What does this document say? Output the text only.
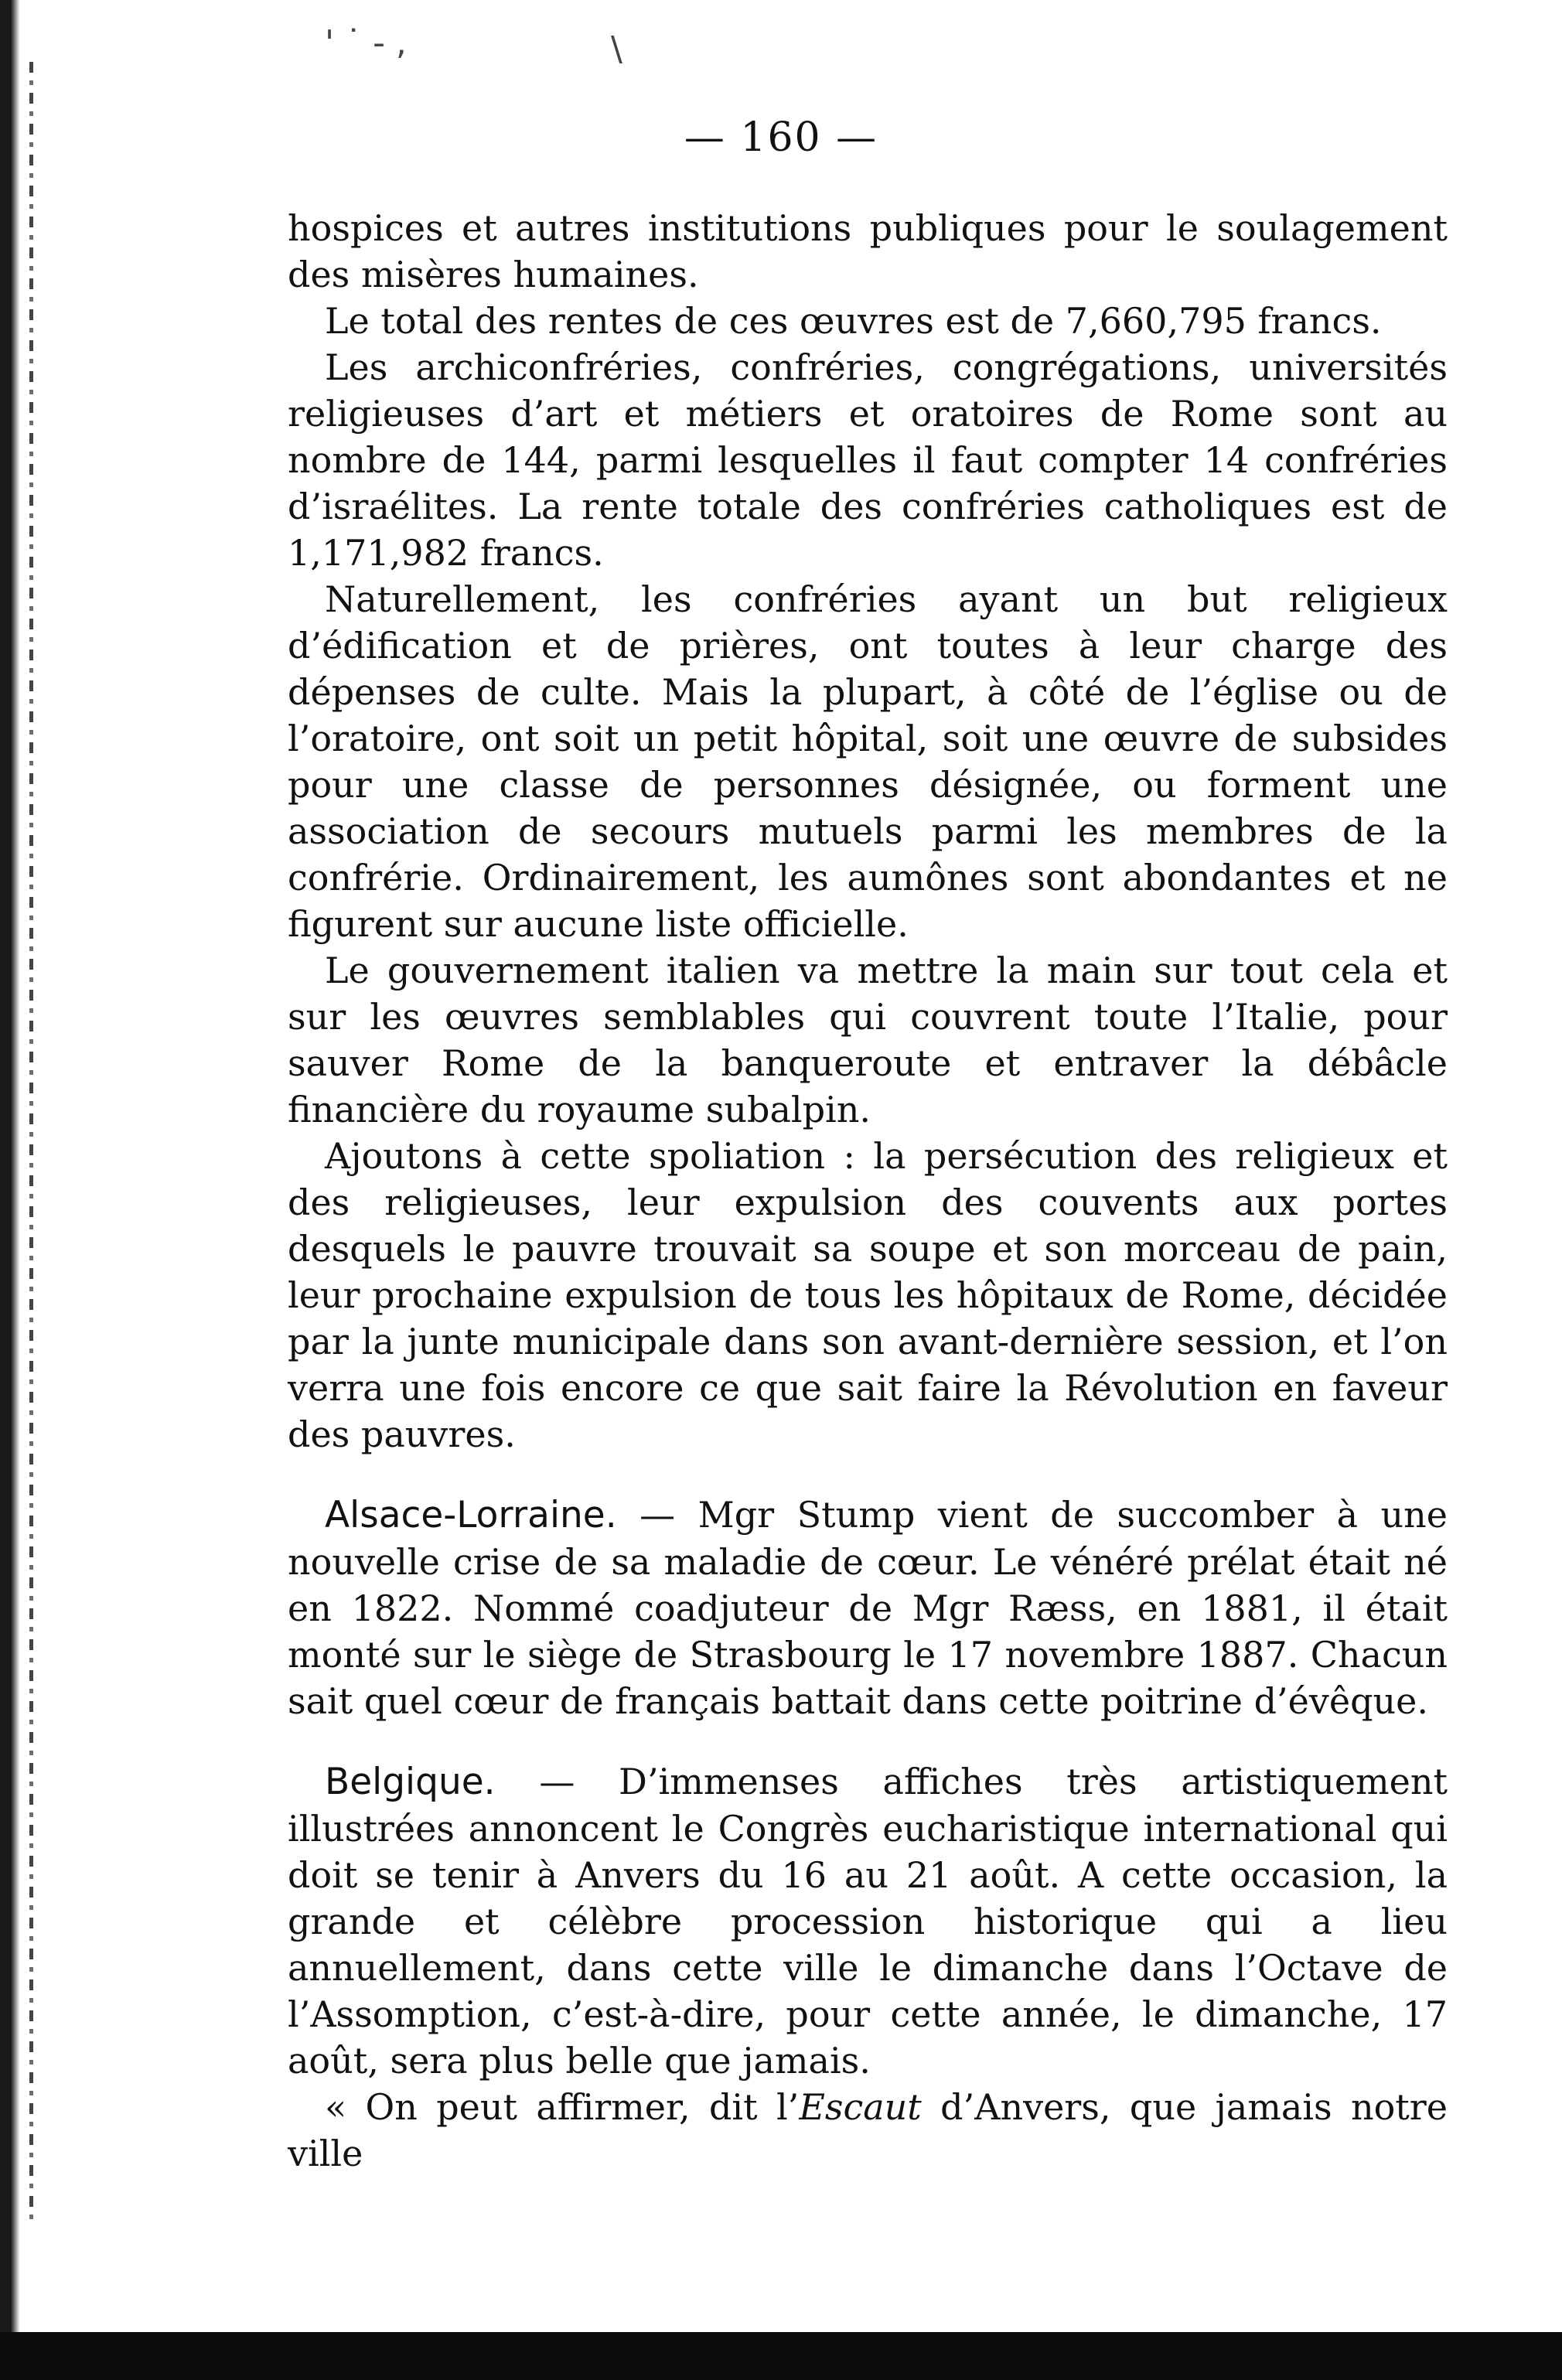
' ˙ - ,	\
— 160 —

hospices et autres institutions publiques pour le soulagement des misères humaines.

Le total des rentes de ces œuvres est de 7,660,795 francs.

Les archiconfréries, confréries, congrégations, universités religieuses d’art et métiers et oratoires de Rome sont au nombre de 144, parmi lesquelles il faut compter 14 confréries d’israélites. La rente totale des confréries catholiques est de 1,171,982 francs.

Naturellement, les confréries ayant un but religieux d’édification et de prières, ont toutes à leur charge des dépenses de culte. Mais la plupart, à côté de l’église ou de l’oratoire, ont soit un petit hôpital, soit une œuvre de subsides pour une classe de personnes désignée, ou forment une association de secours mutuels parmi les membres de la confrérie. Ordinairement, les aumônes sont abondantes et ne figurent sur aucune liste officielle.

Le gouvernement italien va mettre la main sur tout cela et sur les œuvres semblables qui couvrent toute l’Italie, pour sauver Rome de la banqueroute et entraver la débâcle financière du royaume subalpin.

Ajoutons à cette spoliation : la persécution des religieux et des religieuses, leur expulsion des couvents aux portes desquels le pauvre trouvait sa soupe et son morceau de pain, leur prochaine expulsion de tous les hôpitaux de Rome, décidée par la junte municipale dans son avant-dernière session, et l’on verra une fois encore ce que sait faire la Révolution en faveur des pauvres.

Alsace-Lorraine. — Mgr Stump vient de succomber à une nouvelle crise de sa maladie de cœur. Le vénéré prélat était né en 1822. Nommé coadjuteur de Mgr Ræss, en 1881, il était monté sur le siège de Strasbourg le 17 novembre 1887. Chacun sait quel cœur de français battait dans cette poitrine d’évêque.

Belgique. — D’immenses affiches très artistiquement illustrées annoncent le Congrès eucharistique international qui doit se tenir à Anvers du 16 au 21 août. A cette occasion, la grande et célèbre procession historique qui a lieu annuellement, dans cette ville le dimanche dans l’Octave de l’Assomption, c’est-à-dire, pour cette année, le dimanche, 17 août, sera plus belle que jamais.

« On peut affirmer, dit l’Escaut d’Anvers, que jamais notre ville
